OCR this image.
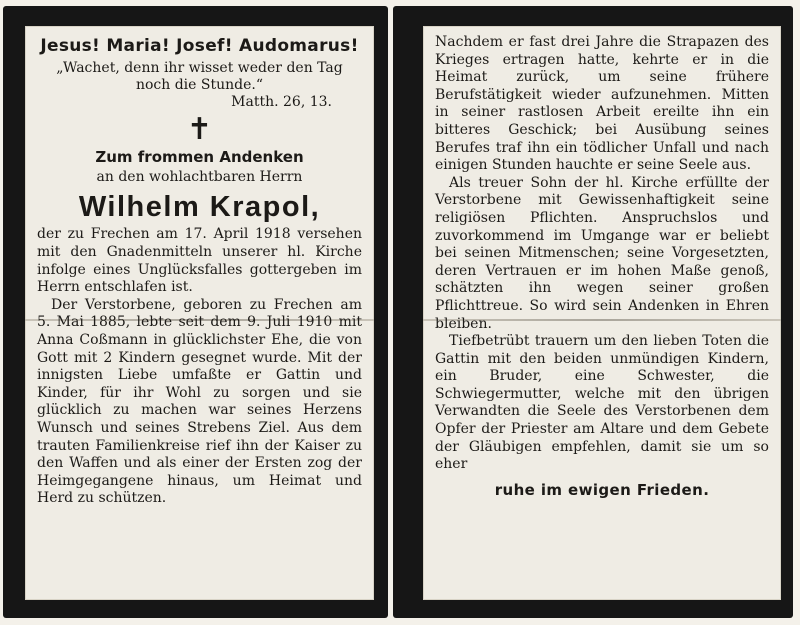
Jesus! Maria! Josef! Audomarus!
„Wachet, denn ihr wisset weder den Tag noch die Stunde.“
Matth. 26, 13.
✝
Zum frommen Andenken
an den wohlachtbaren Herrn
Wilhelm Krapol,

der zu Frechen am 17. April 1918 versehen mit den Gnadenmitteln unserer hl. Kirche infolge eines Unglücksfalles gottergeben im Herrn entschlafen ist.

Der Verstorbene, geboren zu Frechen am 5. Mai 1885, lebte seit dem 9. Juli 1910 mit Anna Coßmann in glücklichster Ehe, die von Gott mit 2 Kindern gesegnet wurde. Mit der innigsten Liebe umfaßte er Gattin und Kinder, für ihr Wohl zu sorgen und sie glücklich zu machen war seines Herzens Wunsch und seines Strebens Ziel. Aus dem trauten Familienkreise rief ihn der Kaiser zu den Waffen und als einer der Ersten zog der Heimgegangene hinaus, um Heimat und Herd zu schützen.

Nachdem er fast drei Jahre die Strapazen des Krieges ertragen hatte, kehrte er in die Heimat zurück, um seine frühere Berufstätigkeit wieder aufzunehmen. Mitten in seiner rastlosen Arbeit ereilte ihn ein bitteres Geschick; bei Ausübung seines Berufes traf ihn ein tödlicher Unfall und nach einigen Stunden hauchte er seine Seele aus.

Als treuer Sohn der hl. Kirche erfüllte der Verstorbene mit Gewissenhaftigkeit seine religiösen Pflichten. Anspruchslos und zuvorkommend im Umgange war er beliebt bei seinen Mitmenschen; seine Vorgesetzten, deren Vertrauen er im hohen Maße genoß, schätzten ihn wegen seiner großen Pflichttreue. So wird sein Andenken in Ehren bleiben.

Tiefbetrübt trauern um den lieben Toten die Gattin mit den beiden unmündigen Kindern, ein Bruder, eine Schwester, die Schwiegermutter, welche mit den übrigen Verwandten die Seele des Verstorbenen dem Opfer der Priester am Altare und dem Gebete der Gläubigen empfehlen, damit sie um so eher

ruhe im ewigen Frieden.
